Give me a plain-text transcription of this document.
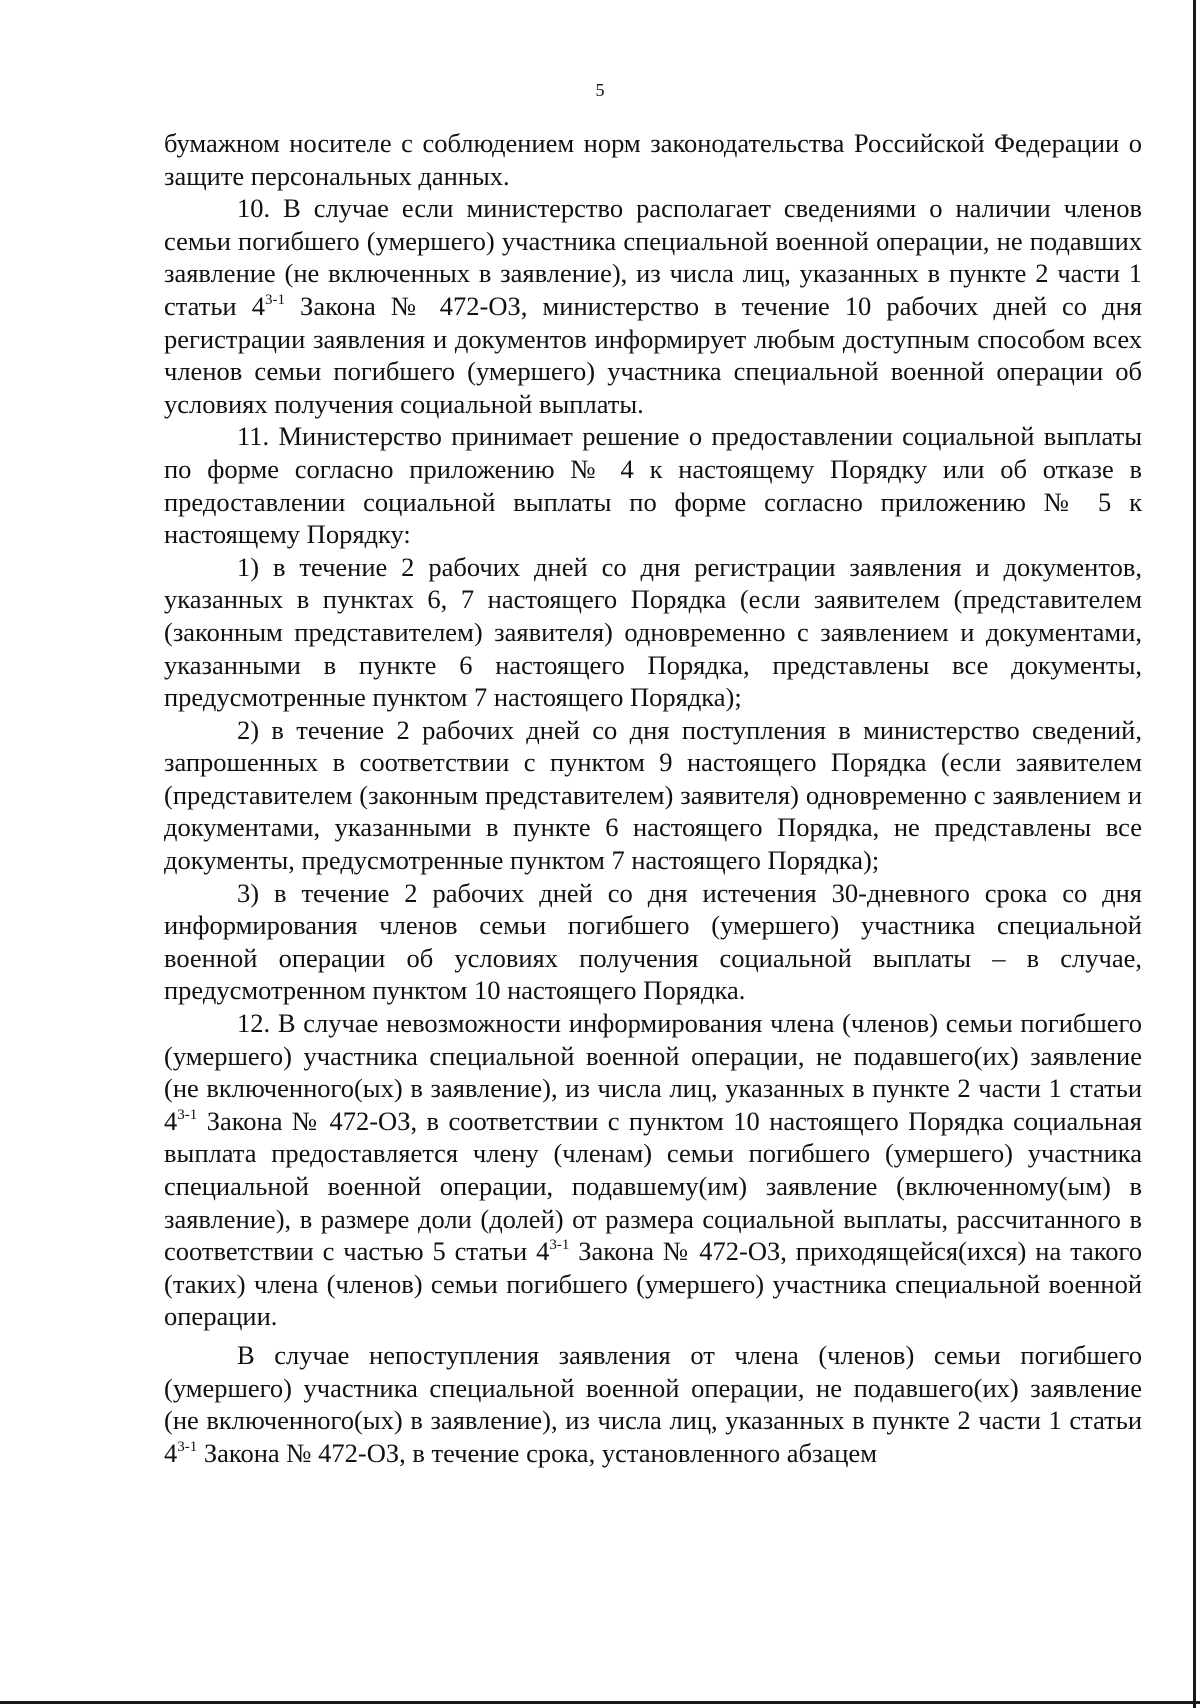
5

бумажном носителе с соблюдением норм законодательства Российской Федерации о защите персональных данных.

10. В случае если министерство располагает сведениями о наличии членов семьи погибшего (умершего) участника специальной военной операции, не подавших заявление (не включенных в заявление), из числа лиц, указанных в пункте 2 части 1 статьи 4$^{3-1}$ Закона № 472-ОЗ, министерство в течение 10 рабочих дней со дня регистрации заявления и документов информирует любым доступным способом всех членов семьи погибшего (умершего) участника специальной военной операции об условиях получения социальной выплаты.

11. Министерство принимает решение о предоставлении социальной выплаты по форме согласно приложению № 4 к настоящему Порядку или об отказе в предоставлении социальной выплаты по форме согласно приложению № 5 к настоящему Порядку:

1) в течение 2 рабочих дней со дня регистрации заявления и документов, указанных в пунктах 6, 7 настоящего Порядка (если заявителем (представителем (законным представителем) заявителя) одновременно с заявлением и документами, указанными в пункте 6 настоящего Порядка, представлены все документы, предусмотренные пунктом 7 настоящего Порядка);

2) в течение 2 рабочих дней со дня поступления в министерство сведений, запрошенных в соответствии с пунктом 9 настоящего Порядка (если заявителем (представителем (законным представителем) заявителя) одновременно с заявлением и документами, указанными в пункте 6 настоящего Порядка, не представлены все документы, предусмотренные пунктом 7 настоящего Порядка);

3) в течение 2 рабочих дней со дня истечения 30-дневного срока со дня информирования членов семьи погибшего (умершего) участника специальной военной операции об условиях получения социальной выплаты – в случае, предусмотренном пунктом 10 настоящего Порядка.

12. В случае невозможности информирования члена (членов) семьи погибшего (умершего) участника специальной военной операции, не подавшего(их) заявление (не включенного(ых) в заявление), из числа лиц, указанных в пункте 2 части 1 статьи 4$^{3-1}$ Закона № 472-ОЗ, в соответствии с пунктом 10 настоящего Порядка социальная выплата предоставляется члену (членам) семьи погибшего (умершего) участника специальной военной операции, подавшему(им) заявление (включенному(ым) в заявление), в размере доли (долей) от размера социальной выплаты, рассчитанного в соответствии с частью 5 статьи 4$^{3-1}$ Закона № 472-ОЗ, приходящейся(ихся) на такого (таких) члена (членов) семьи погибшего (умершего) участника специальной военной операции.

В случае непоступления заявления от члена (членов) семьи погибшего (умершего) участника специальной военной операции, не подавшего(их) заявление (не включенного(ых) в заявление), из числа лиц, указанных в пункте 2 части 1 статьи 4$^{3-1}$ Закона № 472-ОЗ, в течение срока, установленного абзацем
